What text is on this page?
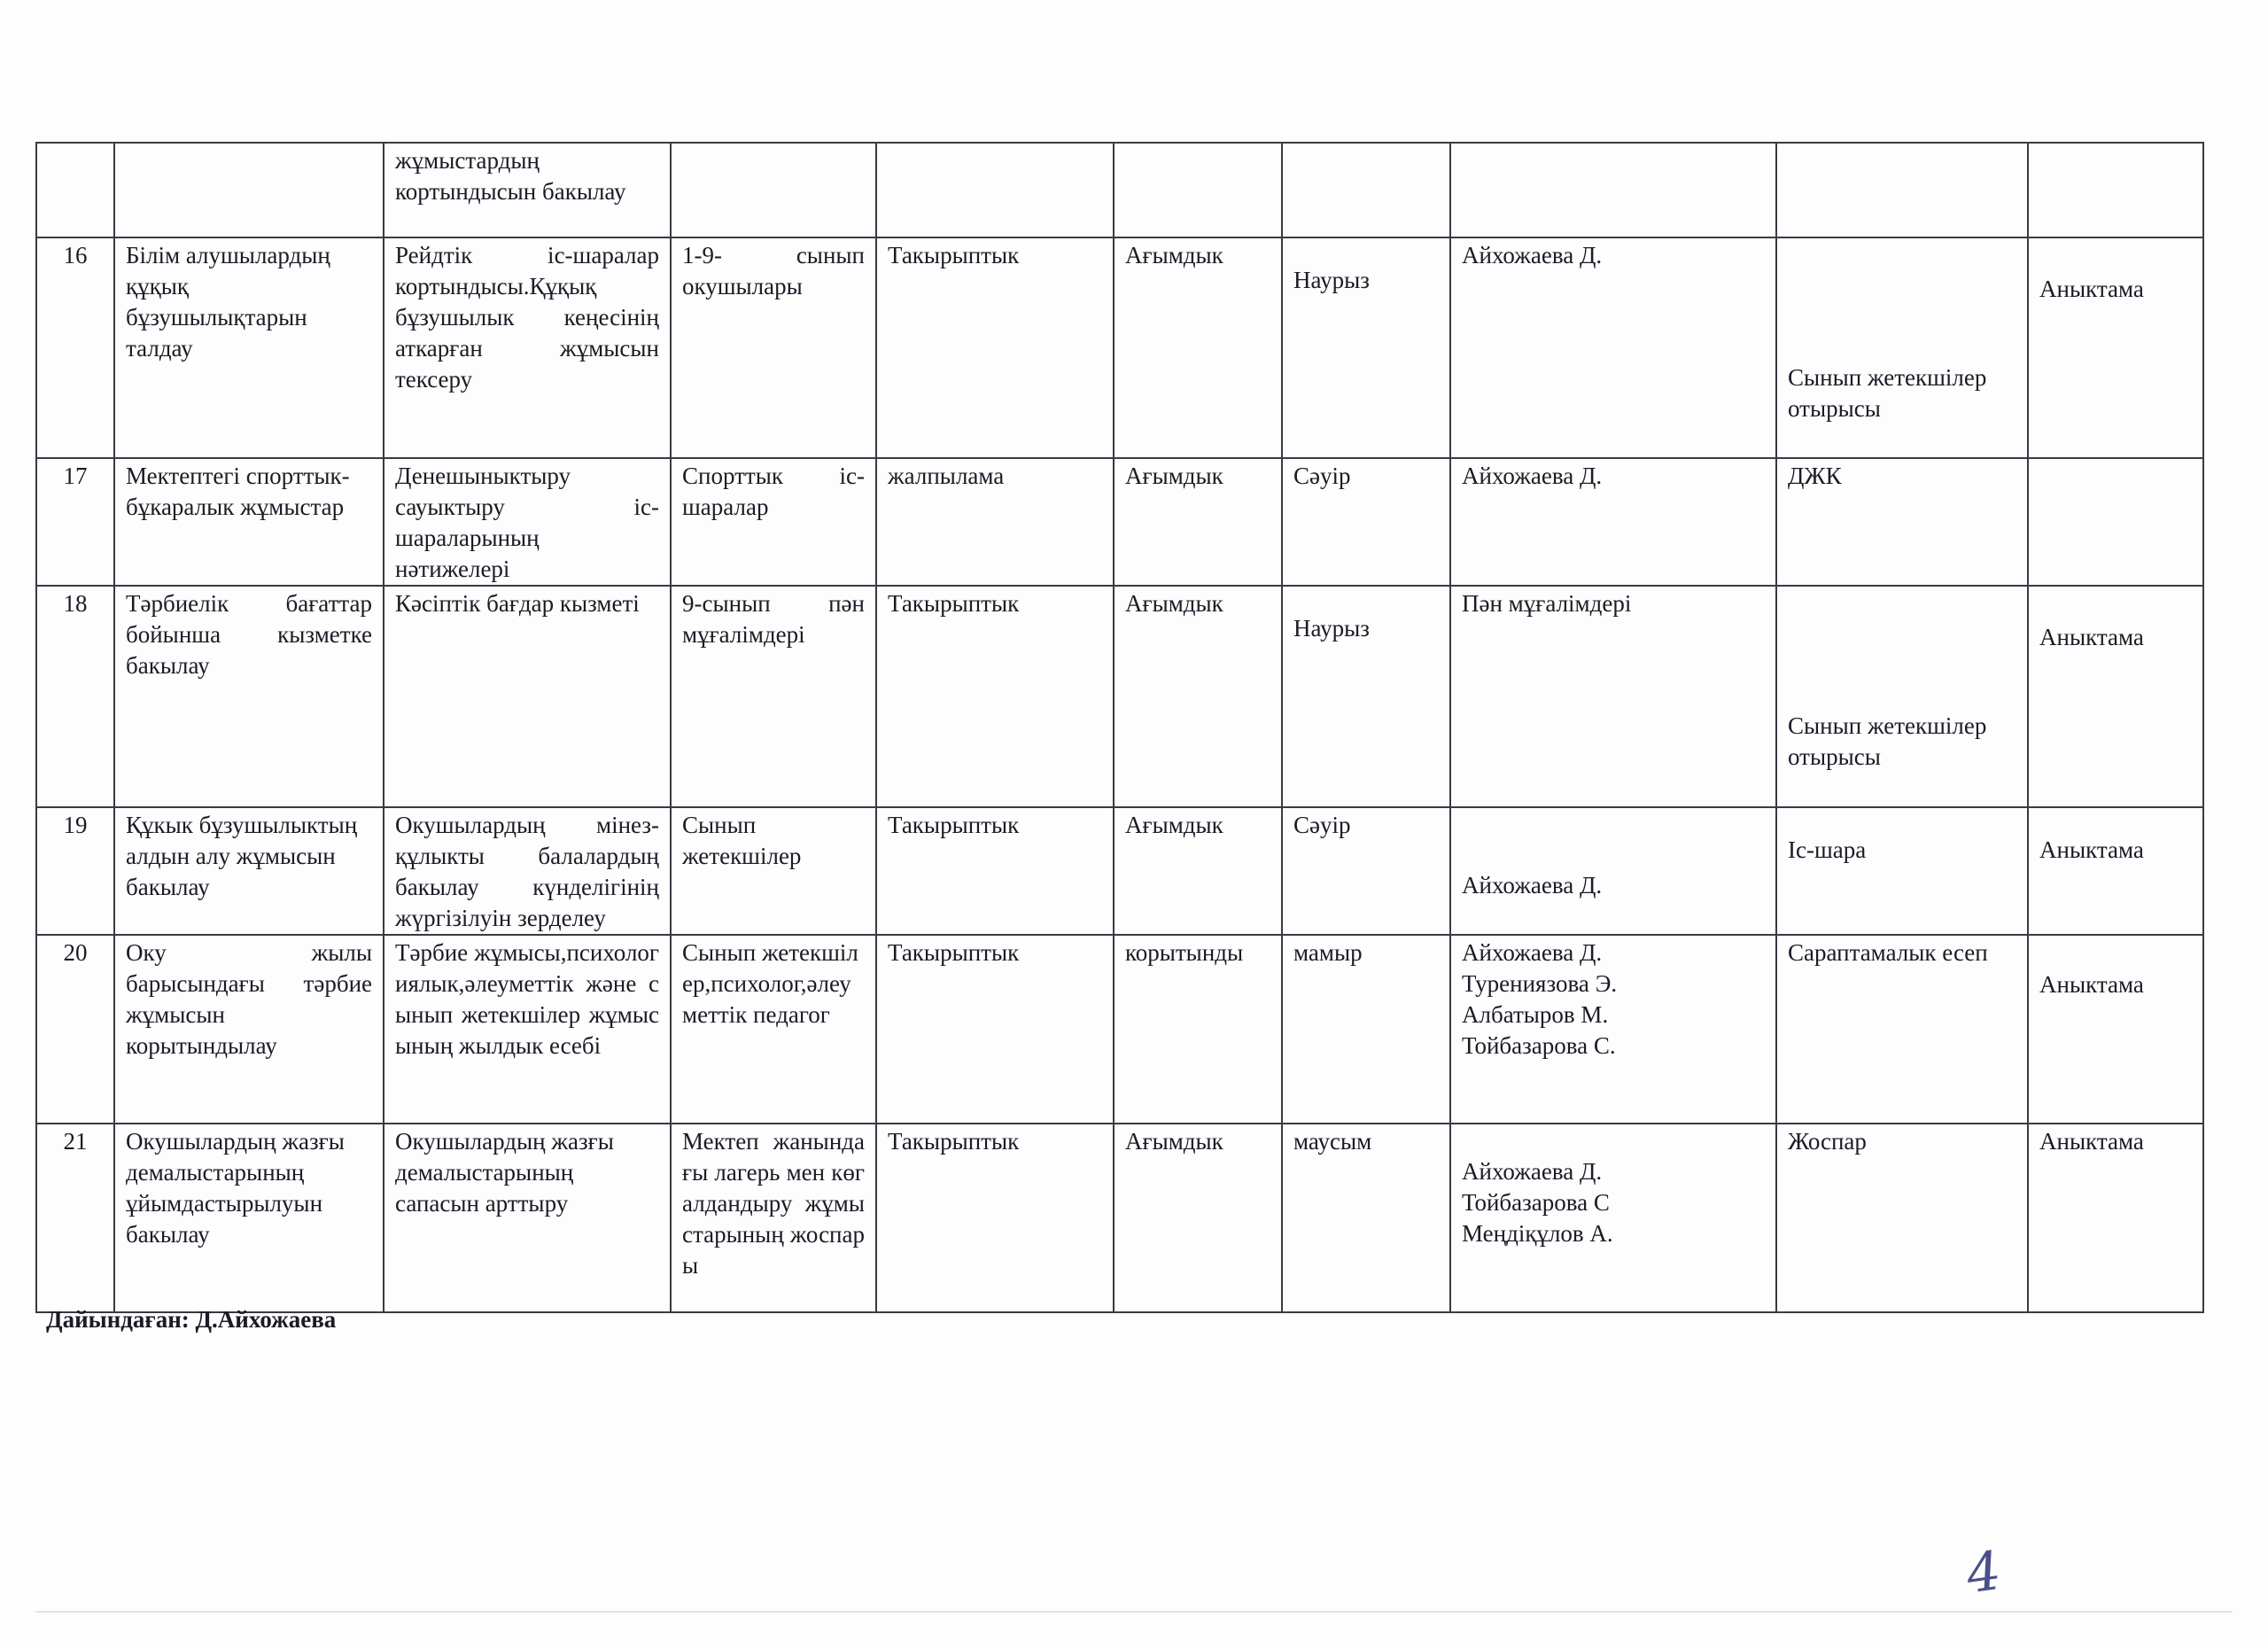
		жұмыстардың кортындысын бакылау							
16	Білім алушылардың құқық бұзушылықтарын талдау	Рейдтік іс-шаралар кортындысы.Құқық бұзушылык кеңесінің аткарған жұмысын тексеру	1-9- сынып окушылары	Такырыптык	Ағымдык	Наурыз	Айхожаева Д.	Сынып жетекшілер отырысы	Аныктама
17	Мектептегі спорттык-бұкаралык жұмыстар	Денешыныктыру сауыктыру іс-шараларының нәтижелері	Спорттык іс-шаралар	жалпылама	Ағымдык	Сәуір	Айхожаева Д.	ДЖК	
18	Тәрбиелік бағаттар бойынша кызметке бакылау	Кәсіптік бағдар кызметі	9-сынып пән мұғалімдері	Такырыптык	Ағымдык	Наурыз	Пән мұғалімдері	Сынып жетекшілер отырысы	Аныктама
19	Құкык бұзушылыктың алдын алу жұмысын бакылау	Окушылардың мінез-құлыкты балалардың бакылау күнделігінің жүргізілуін зерделеу	Сынып жетекшілер	Такырыптык	Ағымдык	Сәуір	Айхожаева Д.	Іс-шара	Аныктама
20	Оку жылы барысындағы тәрбие жұмысын корытындылау	Тәрбие жұмысы,психологиялык,әлеуметтік және сынып жетекшілер жұмысының жылдык есебі	Сынып жетекшілер,психолог,әлеуметтік педагог	Такырыптык	корытынды	мамыр	Айхожаева Д.
Турениязова Э.
Албатыров М.
Тойбазарова С.	Сараптамалык есеп	Аныктама
21	Окушылардың жазғы демалыстарының ұйымдастырылуын бакылау	Окушылардың жазғы демалыстарының сапасын арттыру	Мектеп жанындағы лагерь мен көгалдандыру жұмыстарының жоспары	Такырыптык	Ағымдык	маусым	Айхожаева Д.
Тойбазарова С
Меңдіқұлов А.	Жоспар	Аныктама
Дайындаған: Д.Айхожаева
4
